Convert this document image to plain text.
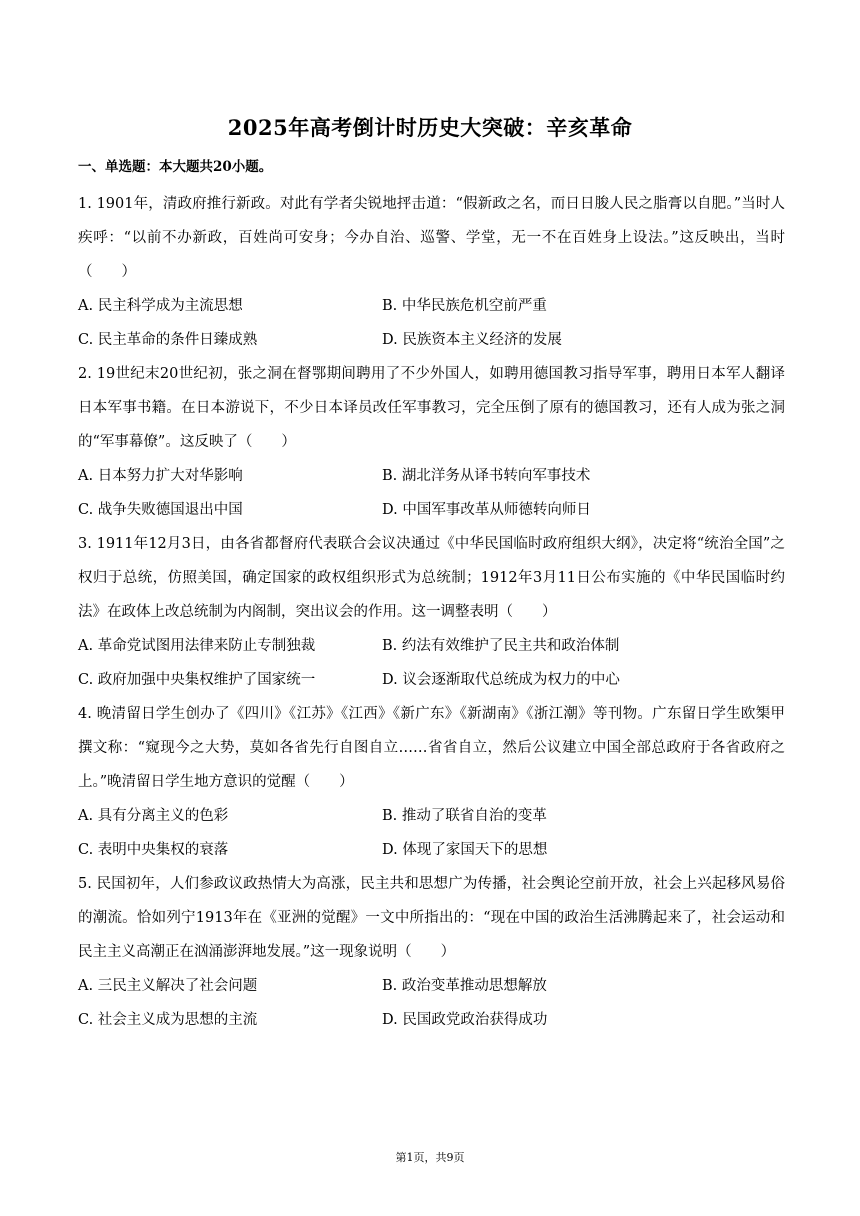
2025年高考倒计时历史大突破：辛亥革命
一、单选题：本大题共20小题。

1. 1901年，清政府推行新政。对此有学者尖锐地抨击道：“假新政之名，而日日朘人民之脂膏以自肥。”当时人疾呼：“以前不办新政，百姓尚可安身；今办自治、巡警、学堂，无一不在百姓身上设法。”这反映出，当时（　　）

A. 民主科学成为主流思想	B. 中华民族危机空前严重
C. 民主革命的条件日臻成熟	D. 民族资本主义经济的发展

2. 19世纪末20世纪初，张之洞在督鄂期间聘用了不少外国人，如聘用德国教习指导军事，聘用日本军人翻译日本军事书籍。在日本游说下，不少日本译员改任军事教习，完全压倒了原有的德国教习，还有人成为张之洞的“军事幕僚”。这反映了（　　）

A. 日本努力扩大对华影响	B. 湖北洋务从译书转向军事技术
C. 战争失败德国退出中国	D. 中国军事改革从师德转向师日

3. 1911年12月3日，由各省都督府代表联合会议决通过《中华民国临时政府组织大纲》，决定将“统治全国”之权归于总统，仿照美国，确定国家的政权组织形式为总统制；1912年3月11日公布实施的《中华民国临时约法》在政体上改总统制为内阁制，突出议会的作用。这一调整表明（　　）

A. 革命党试图用法律来防止专制独裁	B. 约法有效维护了民主共和政治体制
C. 政府加强中央集权维护了国家统一	D. 议会逐渐取代总统成为权力的中心

4. 晚清留日学生创办了《四川》《江苏》《江西》《新广东》《新湖南》《浙江潮》等刊物。广东留日学生欧榘甲撰文称：“窥现今之大势，莫如各省先行自图自立……省省自立，然后公议建立中国全部总政府于各省政府之上。”晚清留日学生地方意识的觉醒（　　）

A. 具有分离主义的色彩	B. 推动了联省自治的变革
C. 表明中央集权的衰落	D. 体现了家国天下的思想

5. 民国初年，人们参政议政热情大为高涨，民主共和思想广为传播，社会舆论空前开放，社会上兴起移风易俗的潮流。恰如列宁1913年在《亚洲的觉醒》一文中所指出的：“现在中国的政治生活沸腾起来了，社会运动和民主主义高潮正在汹涌澎湃地发展。”这一现象说明（　　）

A. 三民主义解决了社会问题	B. 政治变革推动思想解放
C. 社会主义成为思想的主流	D. 民国政党政治获得成功
第1页，共9页
